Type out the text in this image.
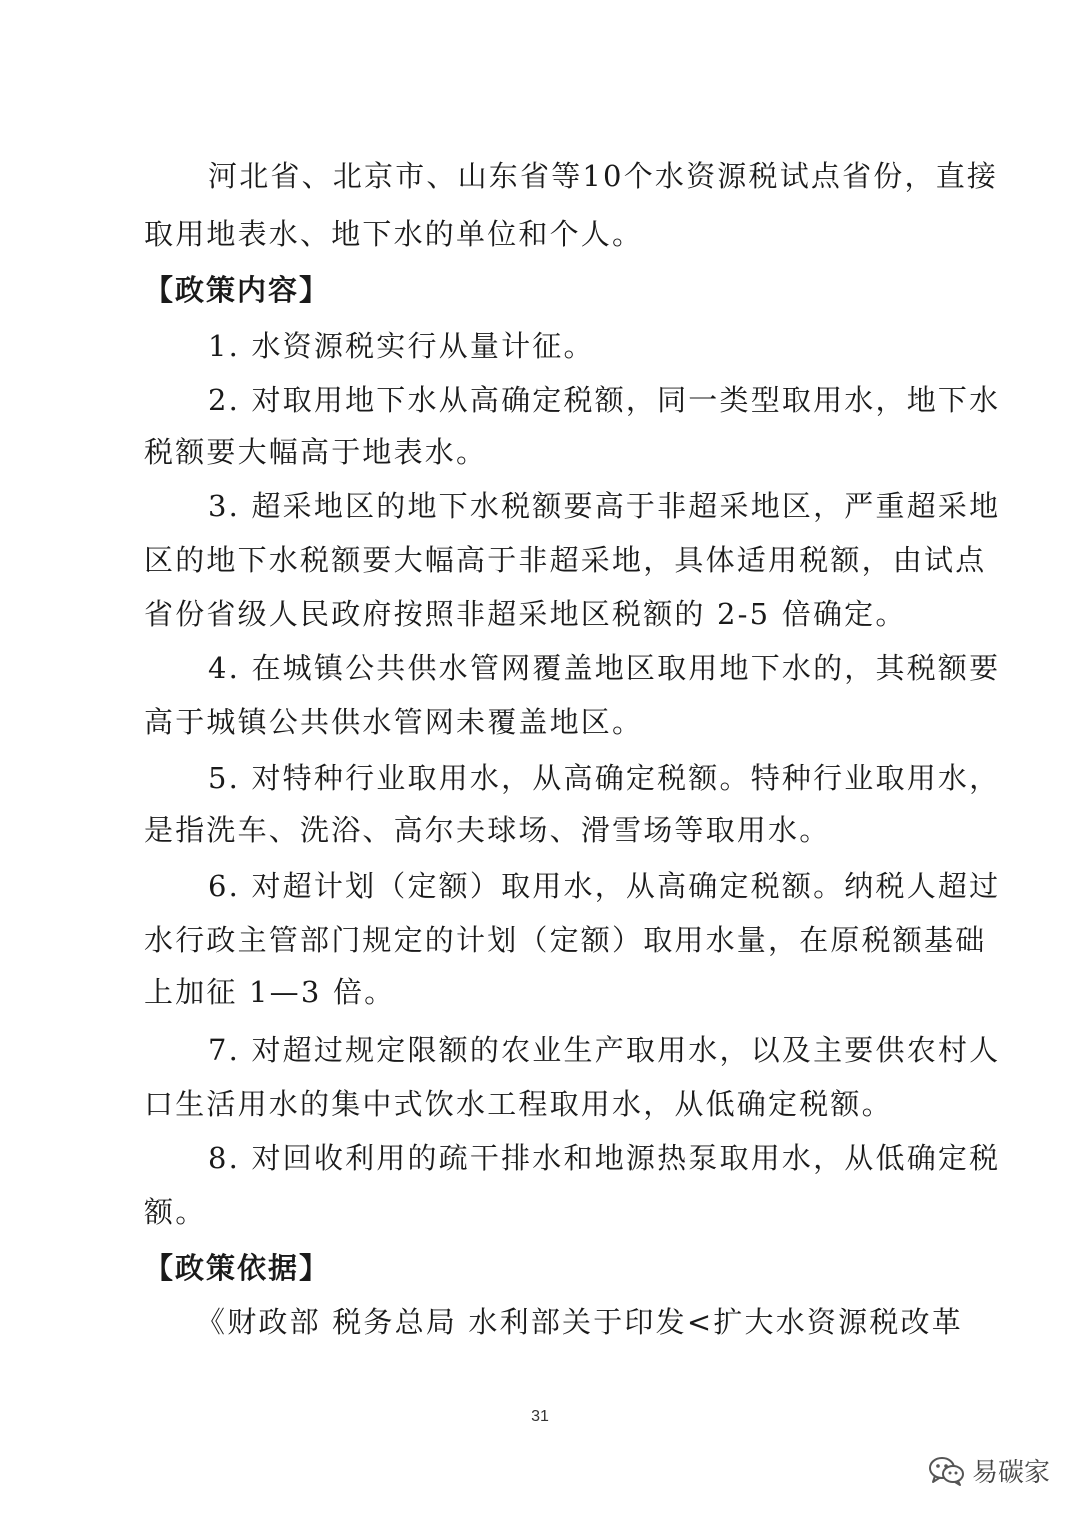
河北省、北京市、山东省等10个水资源税试点省份，直接
取用地表水、地下水的单位和个人。
【政策内容】
1. 水资源税实行从量计征。
2. 对取用地下水从高确定税额，同一类型取用水，地下水
税额要大幅高于地表水。
3. 超采地区的地下水税额要高于非超采地区，严重超采地
区的地下水税额要大幅高于非超采地，具体适用税额，由试点
省份省级人民政府按照非超采地区税额的 2-5 倍确定。
4. 在城镇公共供水管网覆盖地区取用地下水的，其税额要
高于城镇公共供水管网未覆盖地区。
5. 对特种行业取用水，从高确定税额。特种行业取用水，
是指洗车、洗浴、高尔夫球场、滑雪场等取用水。
6. 对超计划（定额）取用水，从高确定税额。纳税人超过
水行政主管部门规定的计划（定额）取用水量，在原税额基础
上加征 1—3 倍。
7. 对超过规定限额的农业生产取用水，以及主要供农村人
口生活用水的集中式饮水工程取用水，从低确定税额。
8. 对回收利用的疏干排水和地源热泵取用水，从低确定税
额。
【政策依据】
《财政部 税务总局 水利部关于印发<扩大水资源税改革
31
易碳家
